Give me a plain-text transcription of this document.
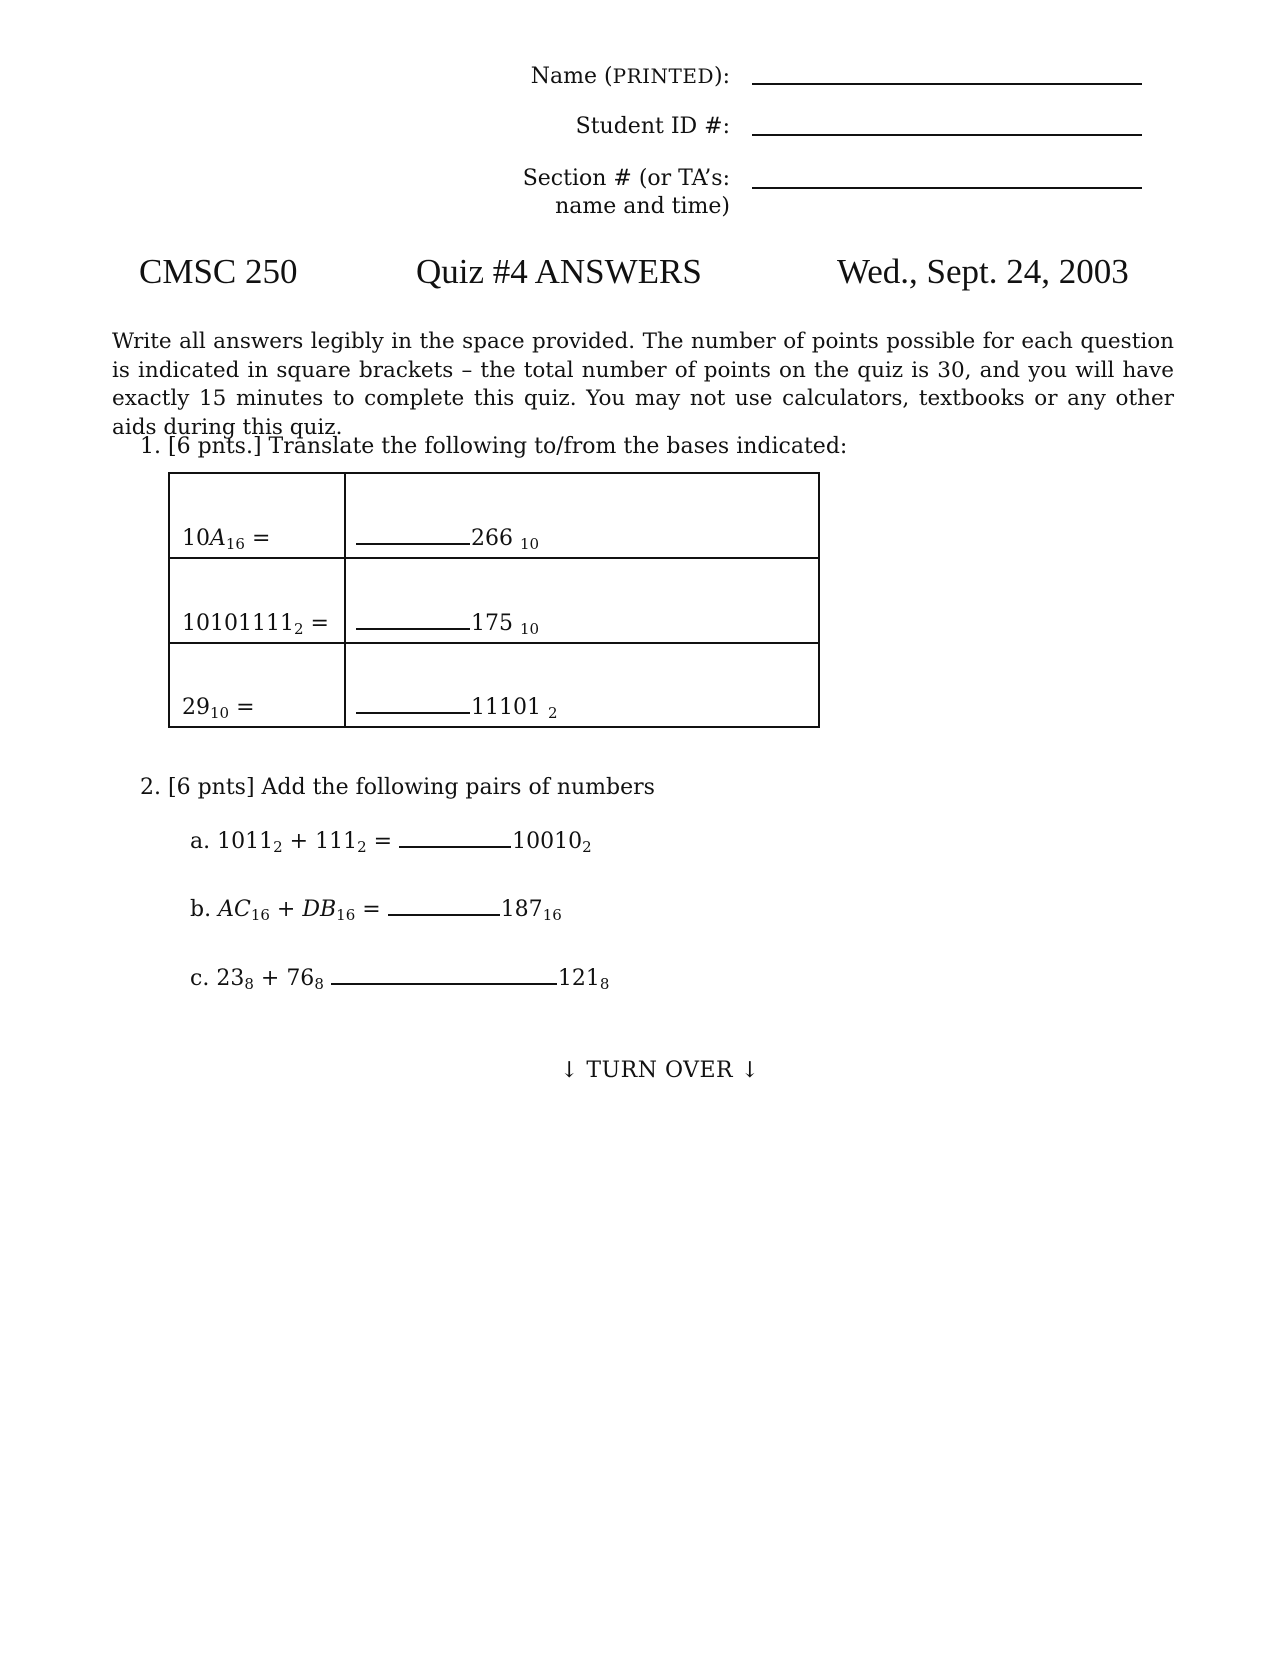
Name (PRINTED):
Student ID #:
Section # (or TA’s:
name and time)
CMSC 250	Quiz #4 ANSWERS	Wed., Sept. 24, 2003
Write all answers legibly in the space provided. The number of points possible for each question is indicated in square brackets – the total number of points on the quiz is 30, and you will have exactly 15 minutes to complete this quiz. You may not use calculators, textbooks or any other aids during this quiz.
1. [6 pnts.] Translate the following to/from the bases indicated:
$10A_{16}$ =	266 $_{10}$
$10101111_2$ =	175 $_{10}$
$29_{10}$ =	11101 $_2$
2. [6 pnts] Add the following pairs of numbers
a. $1011_2 + 111_2$ =	$10010_2$
b. $AC_{16} + DB_{16}$ =	$187_{16}$
c. $23_8 + 76_8$	$121_8$
↓ TURN OVER ↓
